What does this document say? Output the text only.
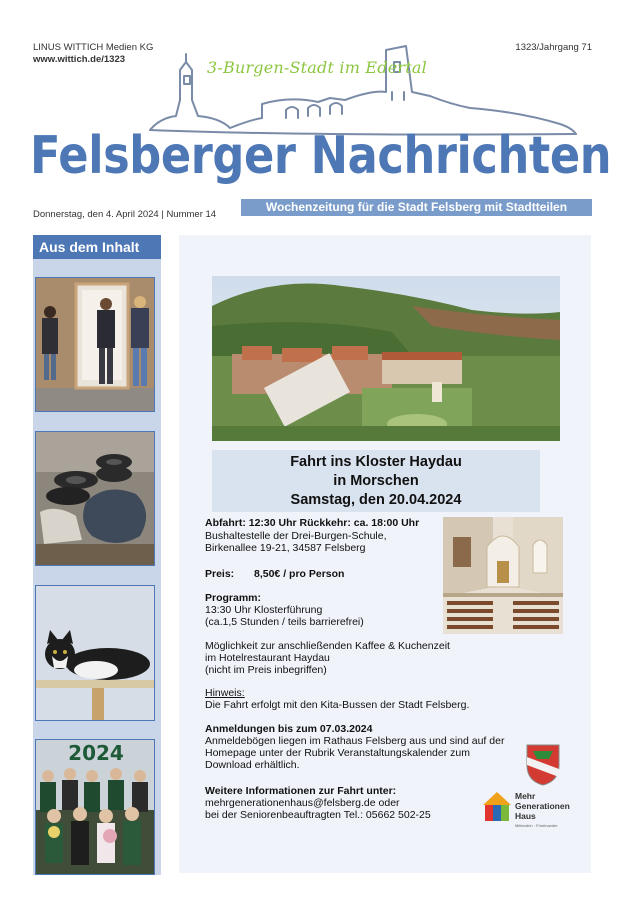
LINUS WITTICH Medien KG
www.wittich.de/1323
1323/Jahrgang 71
3-Burgen-Stadt im Edertal
Felsberger Nachrichten
Donnerstag, den 4. April 2024 | Nummer 14
Wochenzeitung für die Stadt Felsberg mit Stadtteilen
Aus dem Inhalt
2024
Fahrt ins Kloster Haydau
in Morschen
Samstag, den 20.04.2024
Abfahrt: 12:30 Uhr Rückkehr: ca. 18:00 Uhr
Bushaltestelle der Drei-Burgen-Schule,
Birkenallee 19-21, 34587 Felsberg
Preis: 8,50€ / pro Person
Programm:
13:30 Uhr Klosterführung
(ca.1,5 Stunden / teils barrierefrei)
Möglichkeit zur anschließenden Kaffee & Kuchenzeit
im Hotelrestaurant Haydau
(nicht im Preis inbegriffen)
Hinweis:
Die Fahrt erfolgt mit den Kita-Bussen der Stadt Felsberg.
Anmeldungen bis zum 07.03.2024
Anmeldebögen liegen im Rathaus Felsberg aus und sind auf der
Homepage unter der Rubrik Veranstaltungskalender zum
Download erhältlich.
Weitere Informationen zur Fahrt unter:
mehrgenerationenhaus@felsberg.de oder
bei der Seniorenbeauftragten Tel.: 05662 502-25
Mehr
Generationen
Haus
Mittendrin · Füreinander
